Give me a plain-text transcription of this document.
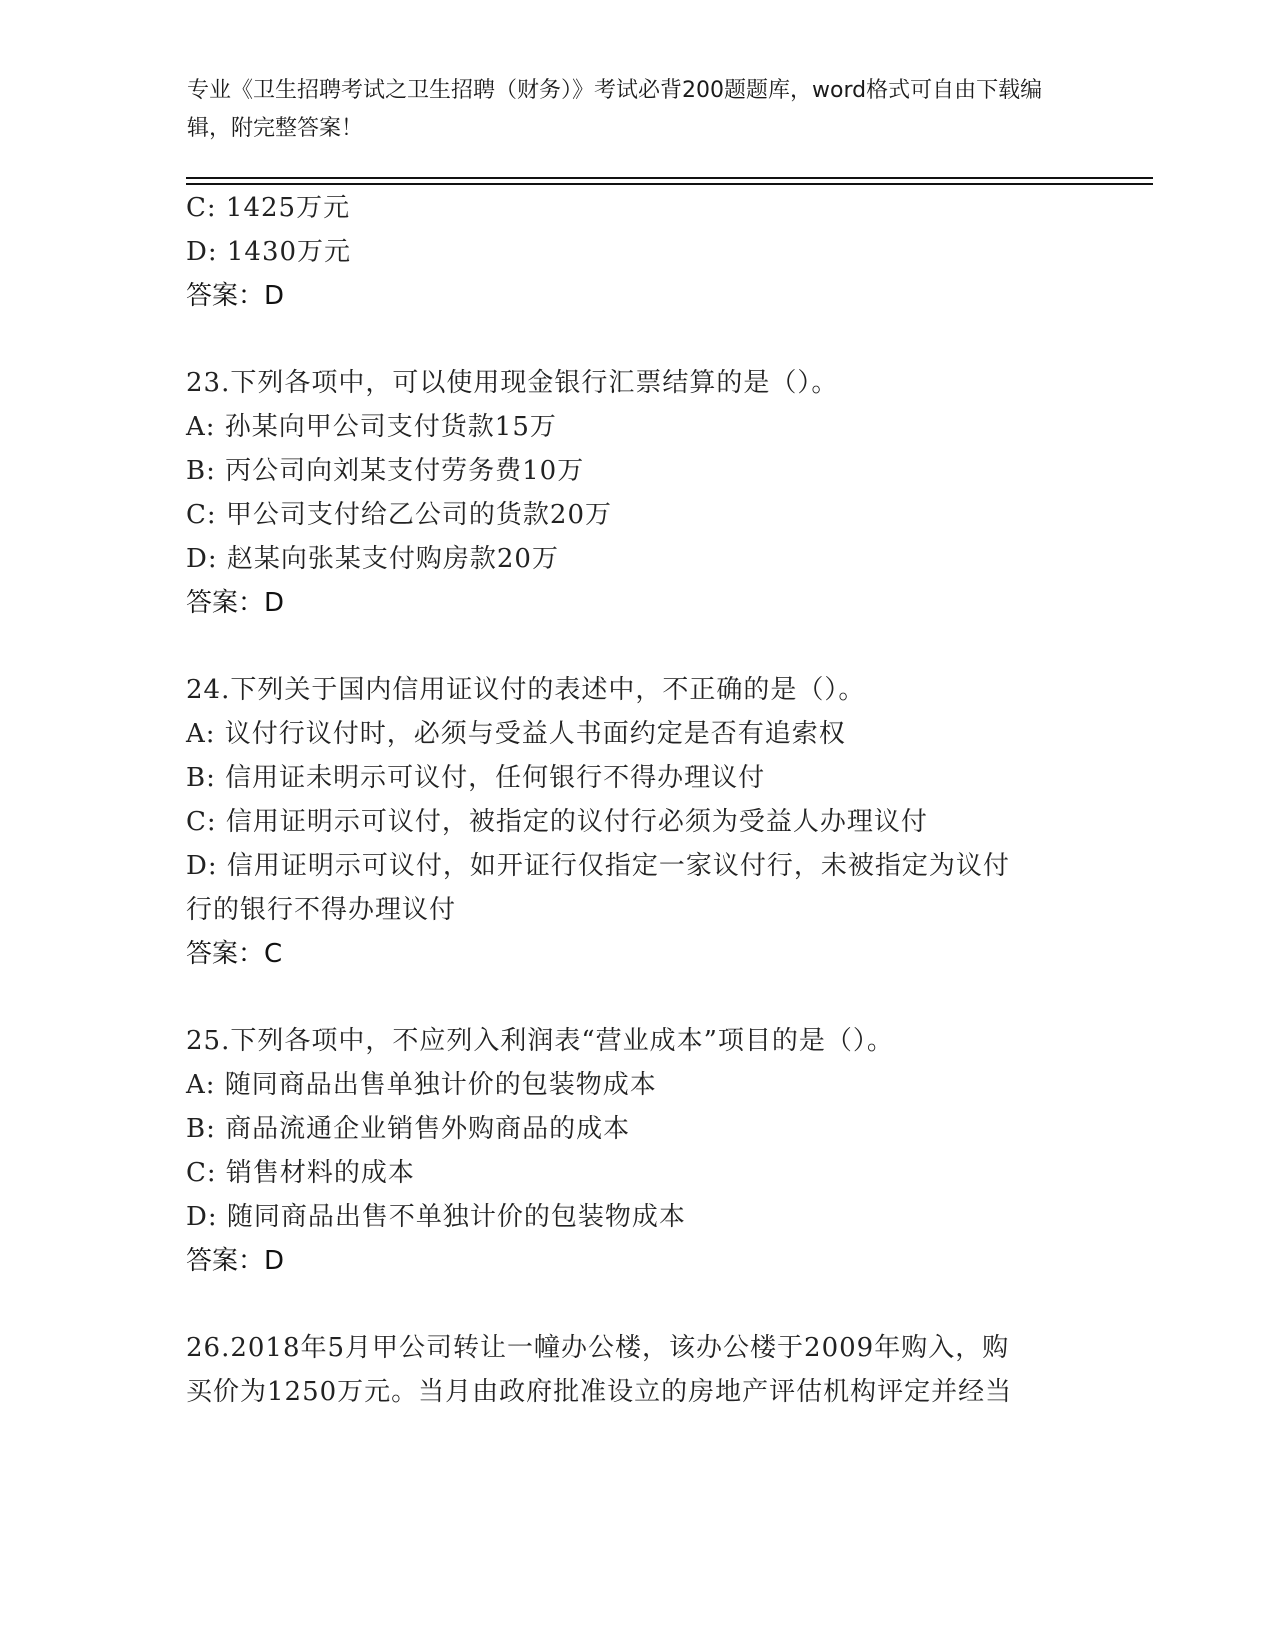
专业《卫生招聘考试之卫生招聘（财务）》考试必背200题题库，word格式可自由下载编辑，附完整答案！
C: 1425万元
D: 1430万元
答案：D
23.下列各项中，可以使用现金银行汇票结算的是（）。
A: 孙某向甲公司支付货款15万
B: 丙公司向刘某支付劳务费10万
C: 甲公司支付给乙公司的货款20万
D: 赵某向张某支付购房款20万
答案：D
24.下列关于国内信用证议付的表述中，不正确的是（）。
A: 议付行议付时，必须与受益人书面约定是否有追索权
B: 信用证未明示可议付，任何银行不得办理议付
C: 信用证明示可议付，被指定的议付行必须为受益人办理议付
D: 信用证明示可议付，如开证行仅指定一家议付行，未被指定为议付
行的银行不得办理议付
答案：C
25.下列各项中，不应列入利润表“营业成本”项目的是（）。
A: 随同商品出售单独计价的包装物成本
B: 商品流通企业销售外购商品的成本
C: 销售材料的成本
D: 随同商品出售不单独计价的包装物成本
答案：D
26.2018年5月甲公司转让一幢办公楼，该办公楼于2009年购入，购
买价为1250万元。当月由政府批准设立的房地产评估机构评定并经当
